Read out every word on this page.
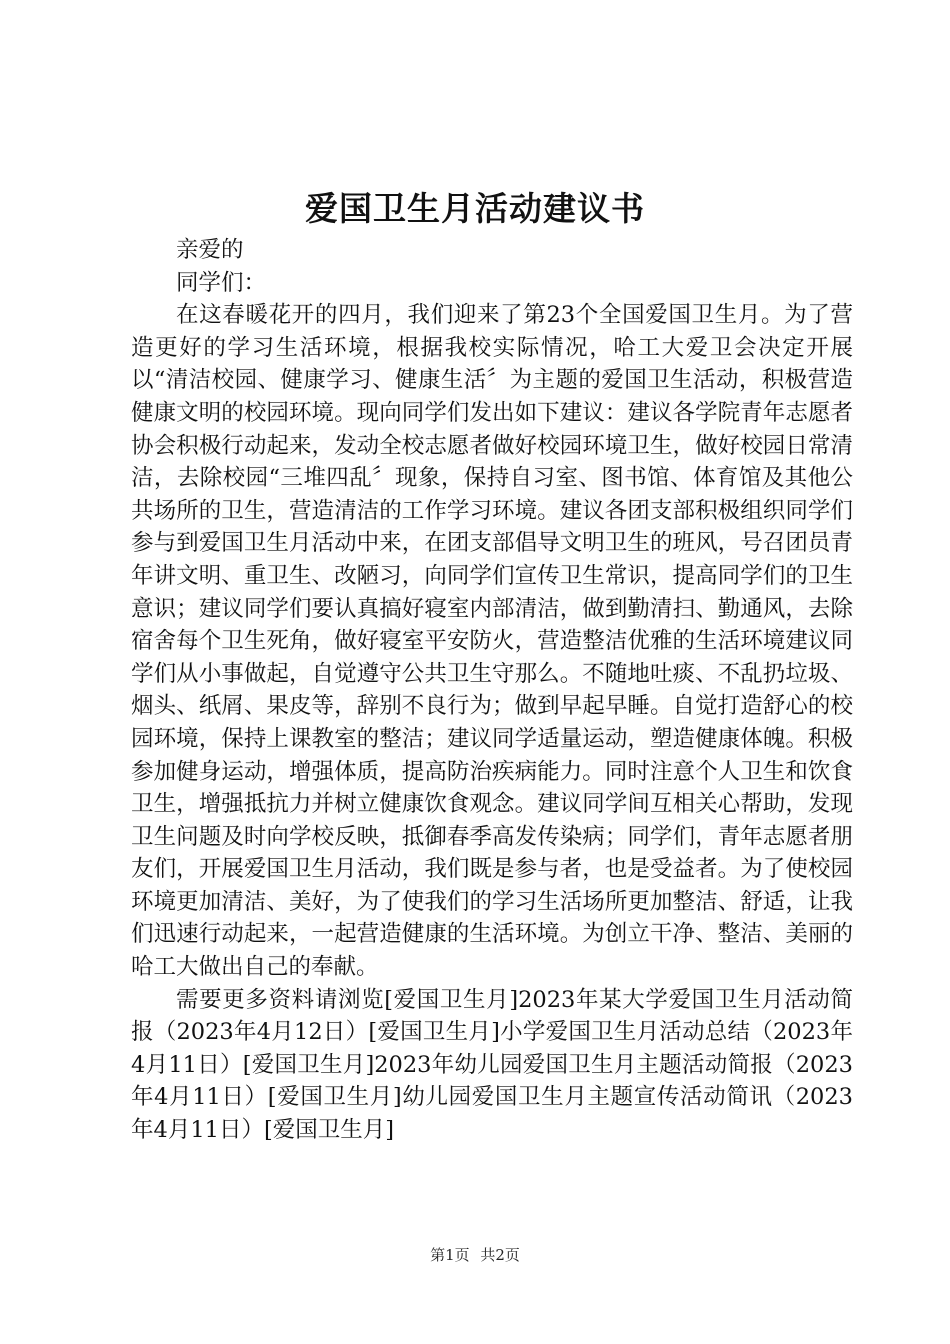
爱国卫生月活动建议书

亲爱的

同学们：

在这春暖花开的四月，我们迎来了第23个全国爱国卫生月。为了营造更好的学习生活环境，根据我校实际情况，哈工大爱卫会决定开展以“清洁校园、健康学习、健康生活〞为主题的爱国卫生活动，积极营造健康文明的校园环境。现向同学们发出如下建议：建议各学院青年志愿者协会积极行动起来，发动全校志愿者做好校园环境卫生，做好校园日常清洁，去除校园“三堆四乱〞现象，保持自习室、图书馆、体育馆及其他公共场所的卫生，营造清洁的工作学习环境。建议各团支部积极组织同学们参与到爱国卫生月活动中来，在团支部倡导文明卫生的班风，号召团员青年讲文明、重卫生、改陋习，向同学们宣传卫生常识，提高同学们的卫生意识；建议同学们要认真搞好寝室内部清洁，做到勤清扫、勤通风，去除宿舍每个卫生死角，做好寝室平安防火，营造整洁优雅的生活环境建议同学们从小事做起，自觉遵守公共卫生守那么。不随地吐痰、不乱扔垃圾、烟头、纸屑、果皮等，辞别不良行为；做到早起早睡。自觉打造舒心的校园环境，保持上课教室的整洁；建议同学适量运动，塑造健康体魄。积极参加健身运动，增强体质，提高防治疾病能力。同时注意个人卫生和饮食卫生，增强抵抗力并树立健康饮食观念。建议同学间互相关心帮助，发现卫生问题及时向学校反映，抵御春季高发传染病；同学们，青年志愿者朋友们，开展爱国卫生月活动，我们既是参与者，也是受益者。为了使校园环境更加清洁、美好，为了使我们的学习生活场所更加整洁、舒适，让我们迅速行动起来，一起营造健康的生活环境。为创立干净、整洁、美丽的哈工大做出自己的奉献。

需要更多资料请浏览[爱国卫生月]2023年某大学爱国卫生月活动简报（2023年4月12日）[爱国卫生月]小学爱国卫生月活动总结（2023年4月11日）[爱国卫生月]2023年幼儿园爱国卫生月主题活动简报（2023年4月11日）[爱国卫生月]幼儿园爱国卫生月主题宣传活动简讯（2023年4月11日）[爱国卫生月]

第1页 共2页
